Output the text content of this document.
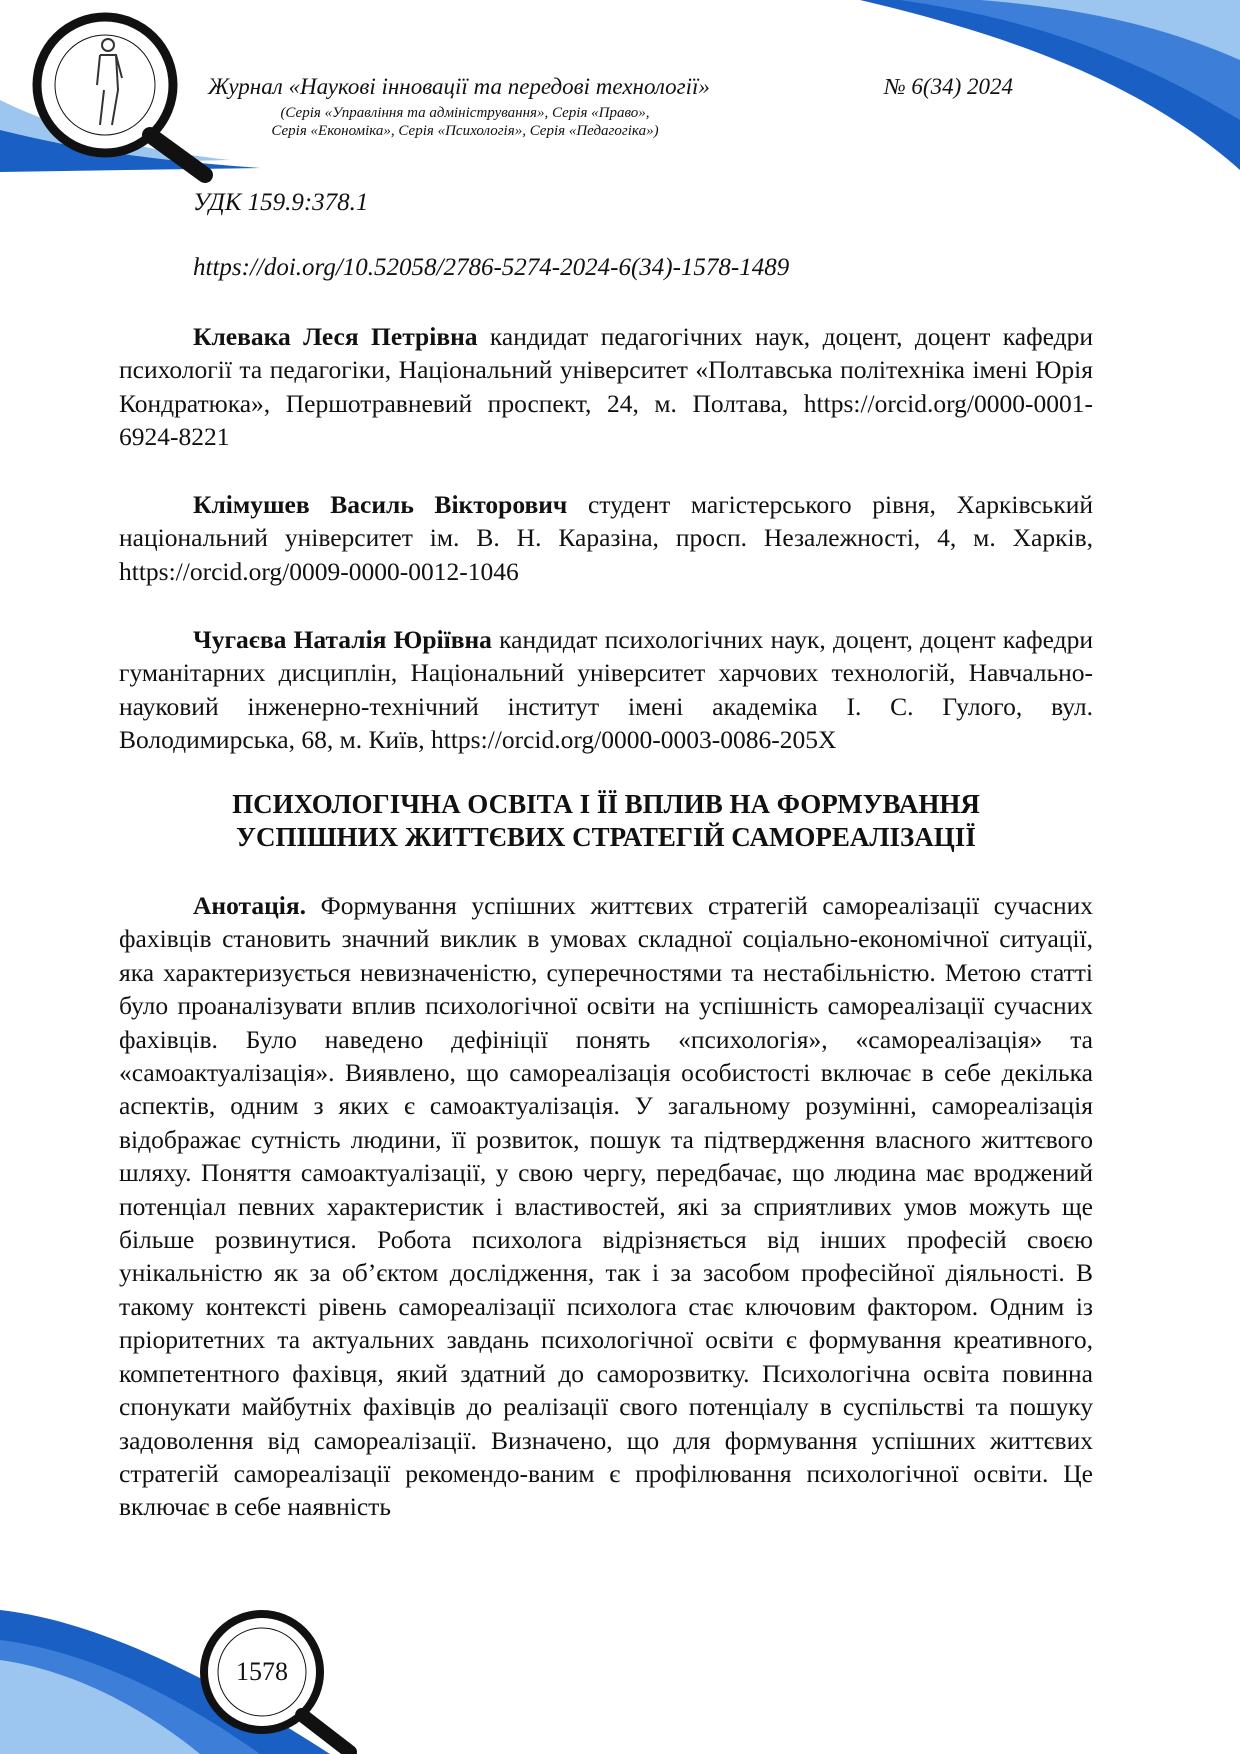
Журнал «Наукові інновації та передові технології»	№ 6(34) 2024
(Серія «Управління та адміністрування», Серія «Право»,
Серія «Економіка», Серія «Психологія», Серія «Педагогіка»)
УДК 159.9:378.1
https://doi.org/10.52058/2786-5274-2024-6(34)-1578-1489
Клевака Леся Петрівна кандидат педагогічних наук, доцент, доцент кафедри психології та педагогіки, Національний університет «Полтавська політехніка імені Юрія Кондратюка», Першотравневий проспект, 24, м. Полтава, https://orcid.org/0000-0001-6924-8221
Клімушев Василь Вікторович студент магістерського рівня, Харківський національний університет ім. В. Н. Каразіна, просп. Незалежності, 4, м. Харків, https://orcid.org/0009-0000-0012-1046
Чугаєва Наталія Юріївна кандидат психологічних наук, доцент, доцент кафедри гуманітарних дисциплін, Національний університет харчових технологій, Навчально-науковий інженерно-технічний інститут імені академіка І. С. Гулого, вул. Володимирська, 68, м. Київ, https://orcid.org/0000-0003-0086-205X
ПСИХОЛОГІЧНА ОСВІТА І ЇЇ ВПЛИВ НА ФОРМУВАННЯ
УСПІШНИХ ЖИТТЄВИХ СТРАТЕГІЙ САМОРЕАЛІЗАЦІЇ
Анотація. Формування успішних життєвих стратегій самореалізації сучасних фахівців становить значний виклик в умовах складної соціально-економічної ситуації, яка характеризується невизначеністю, суперечностями та нестабільністю. Метою статті було проаналізувати вплив психологічної освіти на успішність самореалізації сучасних фахівців. Було наведено дефініції понять «психологія», «самореалізація» та «самоактуалізація». Виявлено, що самореалізація особистості включає в себе декілька аспектів, одним з яких є самоактуалізація. У загальному розумінні, самореалізація відображає сутність людини, її розвиток, пошук та підтвердження власного життєвого шляху. Поняття самоактуалізації, у свою чергу, передбачає, що людина має вроджений потенціал певних характеристик і властивостей, які за сприятливих умов можуть ще більше розвинутися. Робота психолога відрізняється від інших професій своєю унікальністю як за об’єктом дослідження, так і за засобом професійної діяльності. В такому контексті рівень самореалізації психолога стає ключовим фактором. Одним із пріоритетних та актуальних завдань психологічної освіти є формування креативного, компетентного фахівця, який здатний до саморозвитку. Психологічна освіта повинна спонукати майбутніх фахівців до реалізації свого потенціалу в суспільстві та пошуку задоволення від самореалізації. Визначено, що для формування успішних життєвих стратегій самореалізації рекомендо-ваним є профілювання психологічної освіти. Це включає в себе наявність
1578
